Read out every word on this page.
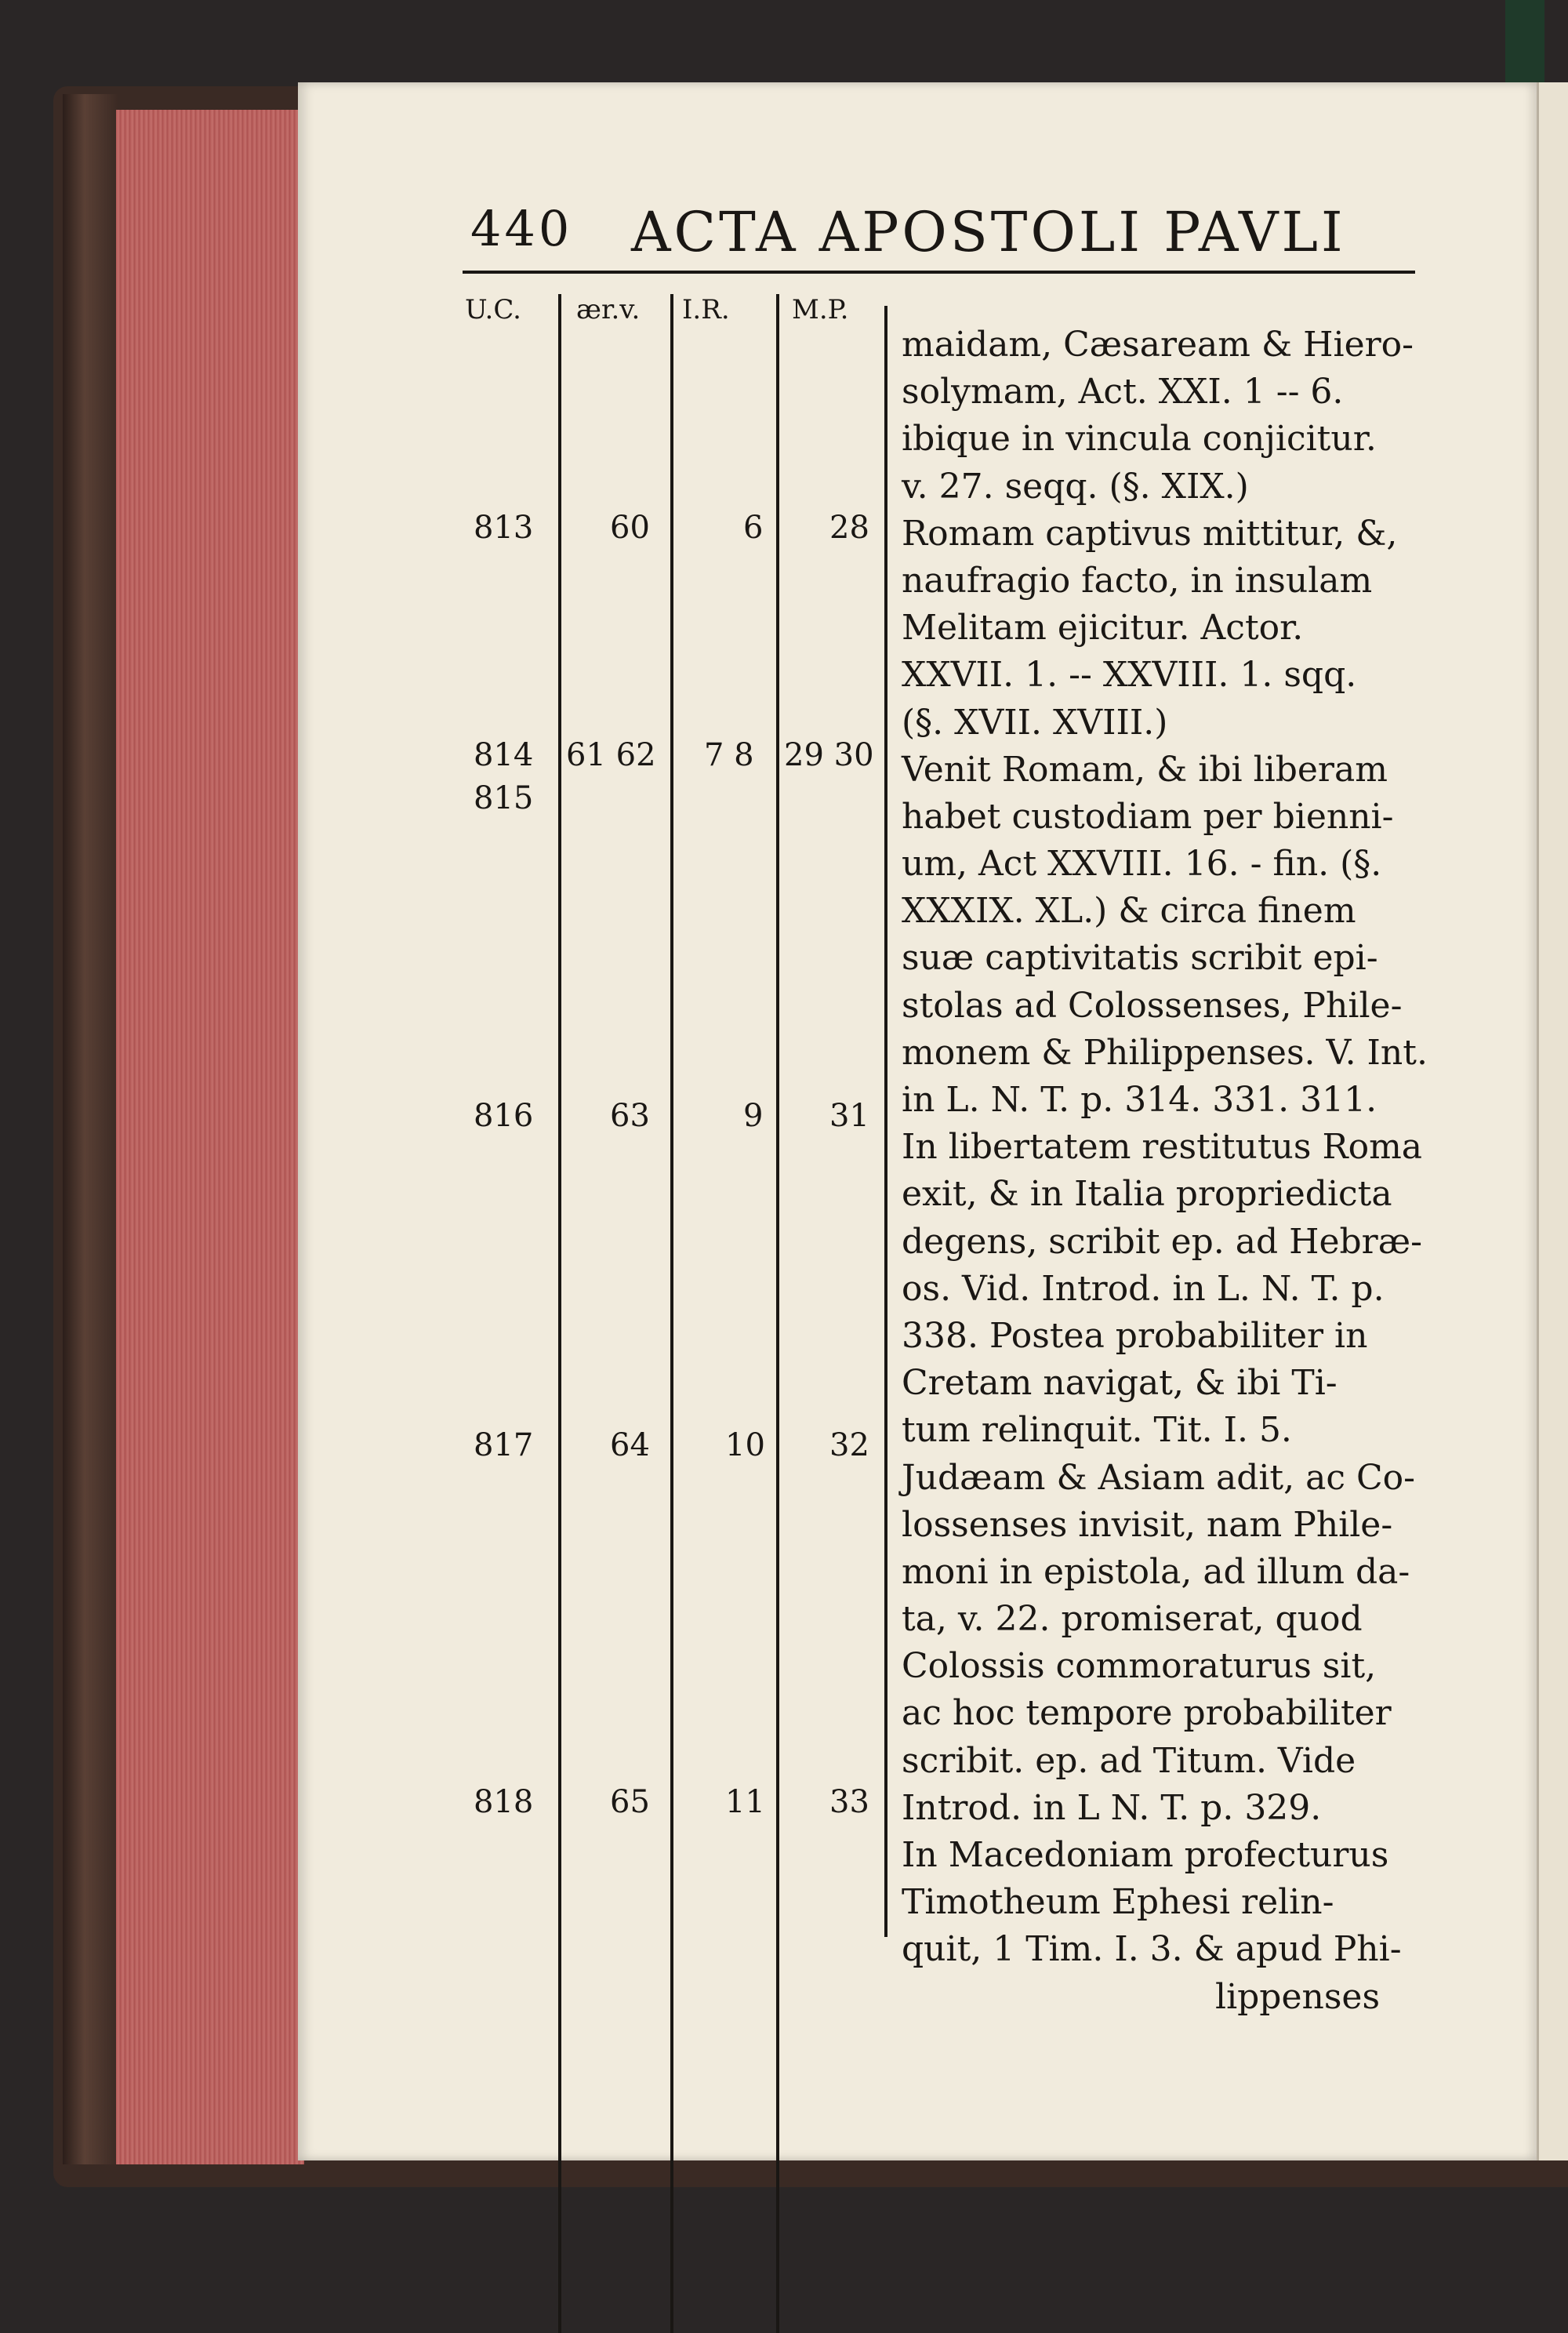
440 ACTA APOSTOLI PAVLI
U.C. ær.v. I.R. M.P.
813 60	6 28
814 61 62 7 8 29 30
815
816 63	9 31
817 64 10 32
818 65 11 33
maidam, Cæsaream & Hiero-
solymam, Act. XXI. 1 -- 6.
ibique in vincula conjicitur.
v. 27. seqq. (§. XIX.)
Romam captivus mittitur, &,
naufragio facto, in insulam
Melitam ejicitur. Actor.
XXVII. 1. -- XXVIII. 1. sqq.
(§. XVII. XVIII.)
Venit Romam, & ibi liberam
habet custodiam per bienni-
um, Act XXVIII. 16. - fin. (§.
XXXIX. XL.) & circa finem
suæ captivitatis scribit epi-
stolas ad Colossenses, Phile-
monem & Philippenses. V. Int.
in L. N. T. p. 314. 331. 311.
In libertatem restitutus Roma
exit, & in Italia propriedicta
degens, scribit ep. ad Hebræ-
os. Vid. Introd. in L. N. T. p.
338. Postea probabiliter in
Cretam navigat, & ibi Ti-
tum relinquit. Tit. I. 5.
Judæam & Asiam adit, ac Co-
lossenses invisit, nam Phile-
moni in epistola, ad illum da-
ta, v. 22. promiserat, quod
Colossis commoraturus sit,
ac hoc tempore probabiliter
scribit. ep. ad Titum. Vide
Introd. in L N. T. p. 329.
In Macedoniam profecturus
Timotheum Ephesi relin-
quit, 1 Tim. I. 3. & apud Phi-
lippenses
